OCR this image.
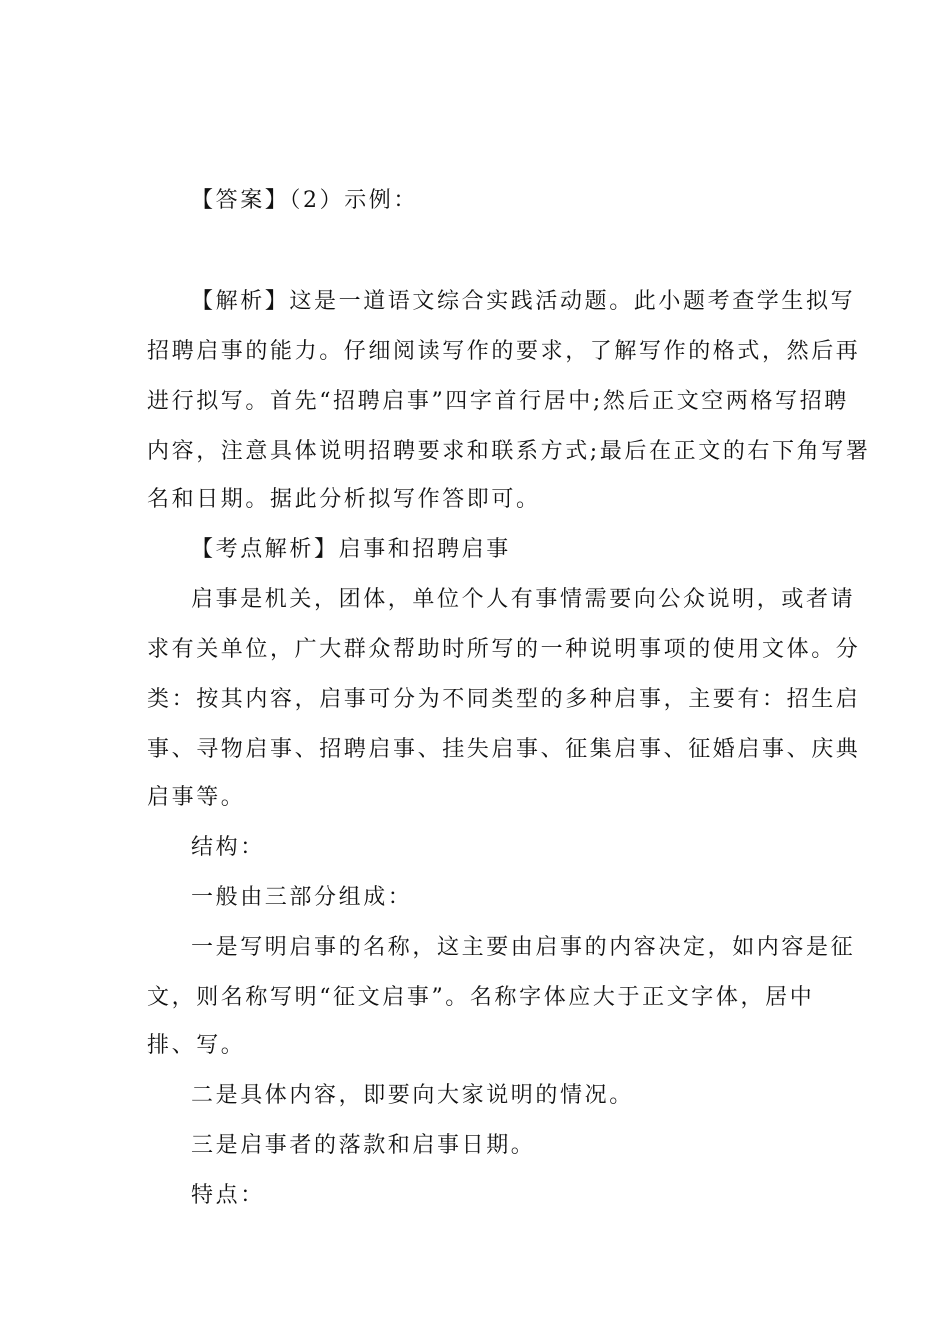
【答案】（2）示例：
【解析】这是一道语文综合实践活动题。此小题考查学生拟写
招聘启事的能力。仔细阅读写作的要求，了解写作的格式，然后再
进行拟写。首先“招聘启事”四字首行居中;然后正文空两格写招聘
内容，注意具体说明招聘要求和联系方式;最后在正文的右下角写署
名和日期。据此分析拟写作答即可。
【考点解析】启事和招聘启事
启事是机关，团体，单位个人有事情需要向公众说明，或者请
求有关单位，广大群众帮助时所写的一种说明事项的使用文体。分
类：按其内容，启事可分为不同类型的多种启事，主要有：招生启
事、寻物启事、招聘启事、挂失启事、征集启事、征婚启事、庆典
启事等。
结构：
一般由三部分组成：
一是写明启事的名称，这主要由启事的内容决定，如内容是征
文，则名称写明“征文启事”。名称字体应大于正文字体，居中
排、写。
二是具体内容，即要向大家说明的情况。
三是启事者的落款和启事日期。
特点：
